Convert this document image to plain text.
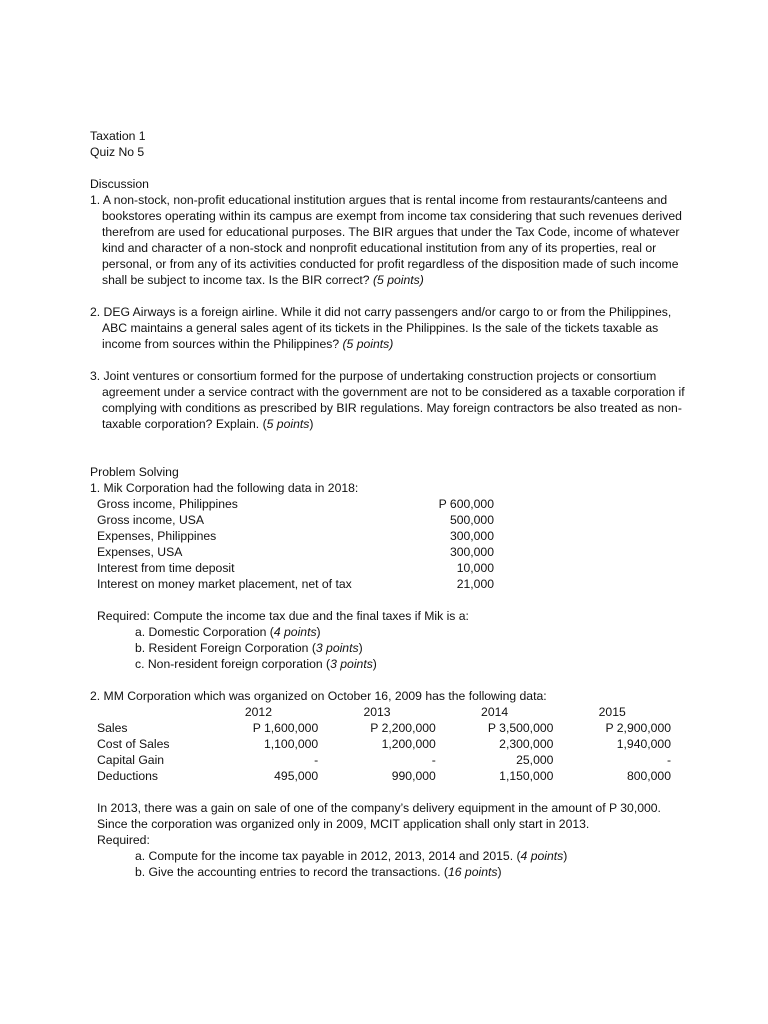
Taxation 1
Quiz No 5
Discussion

1. A non-stock, non-profit educational institution argues that is rental income from restaurants/canteens and bookstores operating within its campus are exempt from income tax considering that such revenues derived therefrom are used for educational purposes. The BIR argues that under the Tax Code, income of whatever kind and character of a non-stock and nonprofit educational institution from any of its properties, real or personal, or from any of its activities conducted for profit regardless of the disposition made of such income shall be subject to income tax. Is the BIR correct? (5 points)

2. DEG Airways is a foreign airline. While it did not carry passengers and/or cargo to or from the Philippines, ABC maintains a general sales agent of its tickets in the Philippines. Is the sale of the tickets taxable as income from sources within the Philippines? (5 points)

3. Joint ventures or consortium formed for the purpose of undertaking construction projects or consortium agreement under a service contract with the government are not to be considered as a taxable corporation if complying with conditions as prescribed by BIR regulations. May foreign contractors be also treated as non-taxable corporation? Explain. (5 points)

Problem Solving
1. Mik Corporation had the following data in 2018:
Gross income, Philippines	P 600,000
Gross income, USA	500,000
Expenses, Philippines	300,000
Expenses, USA	300,000
Interest from time deposit	10,000
Interest on money market placement, net of tax	21,000
Required: Compute the income tax due and the final taxes if Mik is a:
a. Domestic Corporation (4 points)
b. Resident Foreign Corporation (3 points)
c. Non-resident foreign corporation (3 points)
2. MM Corporation which was organized on October 16, 2009 has the following data:
2012	2013	2014	2015
Sales	P 1,600,000	P 2,200,000	P 3,500,000	P 2,900,000
Cost of Sales	1,100,000	1,200,000	2,300,000	1,940,000
Capital Gain	-	-	25,000	-
Deductions	495,000	990,000	1,150,000	800,000
In 2013, there was a gain on sale of one of the company’s delivery equipment in the amount of P 30,000.
Since the corporation was organized only in 2009, MCIT application shall only start in 2013.
Required:
a. Compute for the income tax payable in 2012, 2013, 2014 and 2015. (4 points)
b. Give the accounting entries to record the transactions. (16 points)
